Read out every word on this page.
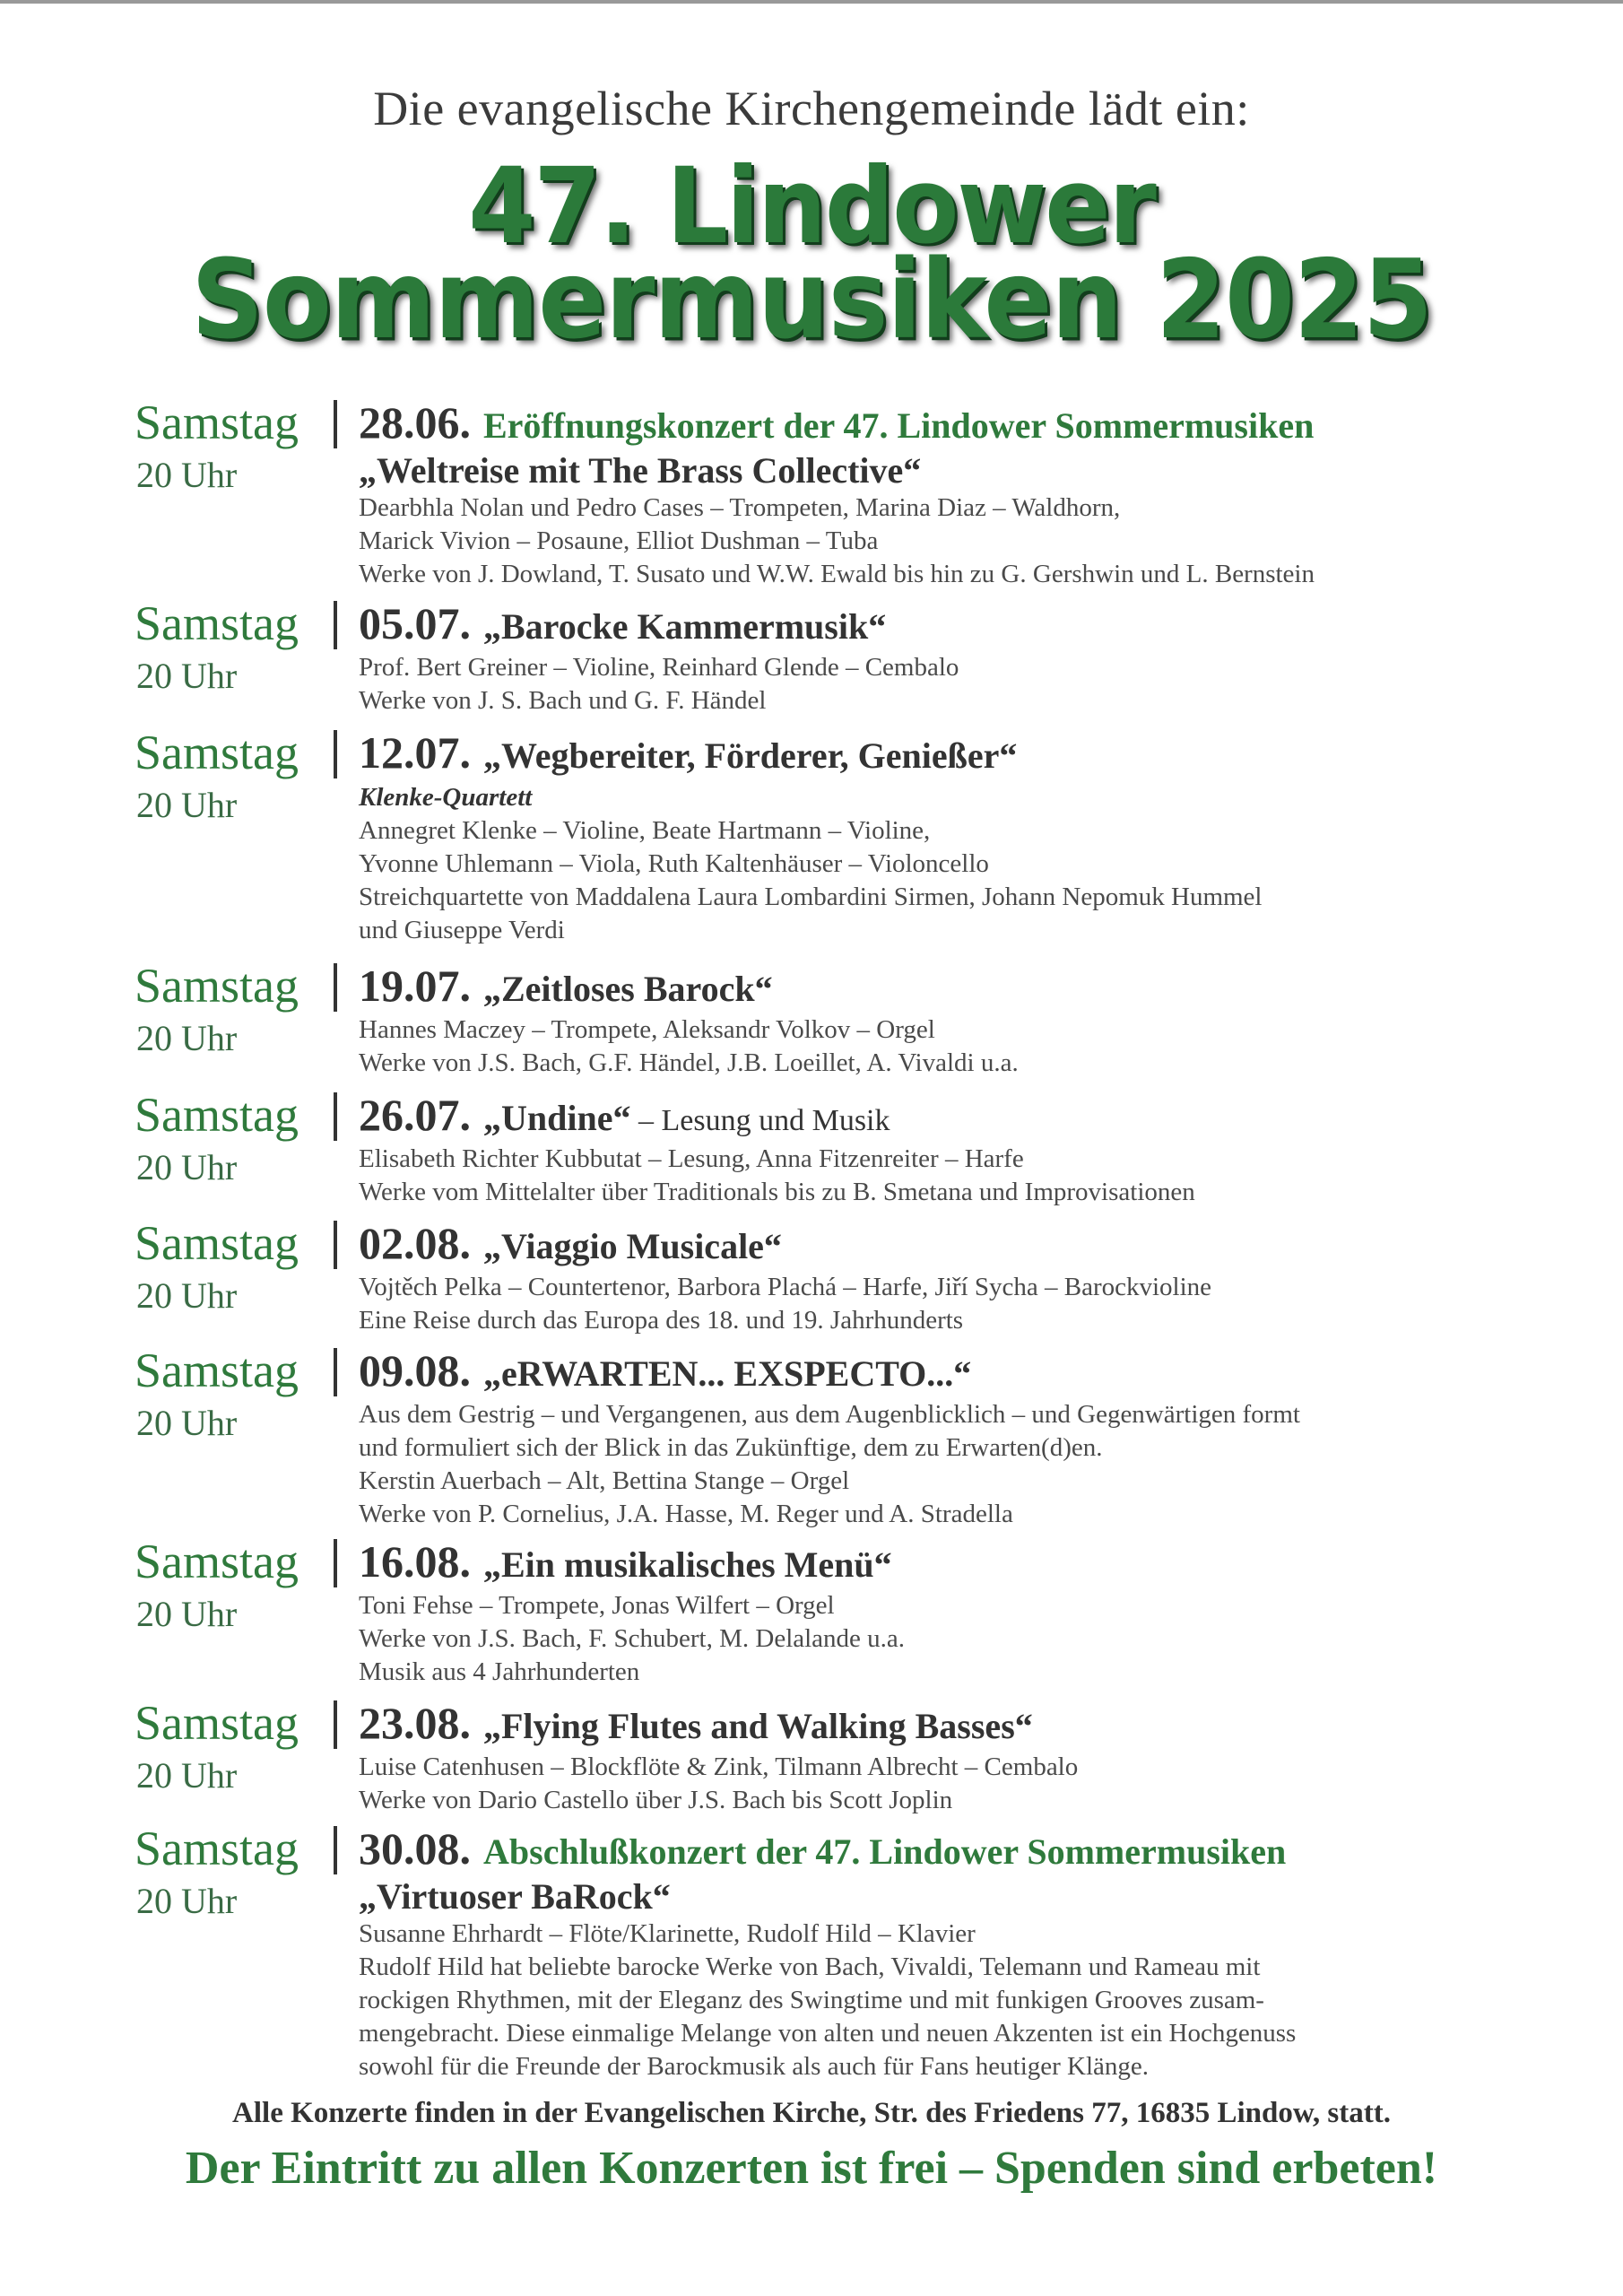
Die evangelische Kirchengemeinde lädt ein:
47. Lindower
Sommermusiken 2025
Samstag
20 Uhr
28.06. Eröffnungskonzert der 47. Lindower Sommermusiken
„Weltreise mit The Brass Collective“
Dearbhla Nolan und Pedro Cases – Trompeten, Marina Diaz – Waldhorn,
Marick Vivion – Posaune, Elliot Dushman – Tuba
Werke von J. Dowland, T. Susato und W.W. Ewald bis hin zu G. Gershwin und L. Bernstein
Samstag
20 Uhr
05.07. „Barocke Kammermusik“
Prof. Bert Greiner – Violine, Reinhard Glende – Cembalo
Werke von J. S. Bach und G. F. Händel
Samstag
20 Uhr
12.07. „Wegbereiter, Förderer, Genießer“
Klenke-Quartett
Annegret Klenke – Violine, Beate Hartmann – Violine,
Yvonne Uhlemann – Viola, Ruth Kaltenhäuser – Violoncello
Streichquartette von Maddalena Laura Lombardini Sirmen, Johann Nepomuk Hummel
und Giuseppe Verdi
Samstag
20 Uhr
19.07. „Zeitloses Barock“
Hannes Maczey – Trompete, Aleksandr Volkov – Orgel
Werke von J.S. Bach, G.F. Händel, J.B. Loeillet, A. Vivaldi u.a.
Samstag
20 Uhr
26.07. „Undine“ – Lesung und Musik
Elisabeth Richter Kubbutat – Lesung, Anna Fitzenreiter – Harfe
Werke vom Mittelalter über Traditionals bis zu B. Smetana und Improvisationen
Samstag
20 Uhr
02.08. „Viaggio Musicale“
Vojtěch Pelka – Countertenor, Barbora Plachá – Harfe, Jiří Sycha – Barockvioline
Eine Reise durch das Europa des 18. und 19. Jahrhunderts
Samstag
20 Uhr
09.08. „eRWARTEN... EXSPECTO...“
Aus dem Gestrig – und Vergangenen, aus dem Augenblicklich – und Gegenwärtigen formt
und formuliert sich der Blick in das Zukünftige, dem zu Erwarten(d)en.
Kerstin Auerbach – Alt, Bettina Stange – Orgel
Werke von P. Cornelius, J.A. Hasse, M. Reger und A. Stradella
Samstag
20 Uhr
16.08. „Ein musikalisches Menü“
Toni Fehse – Trompete, Jonas Wilfert – Orgel
Werke von J.S. Bach, F. Schubert, M. Delalande u.a.
Musik aus 4 Jahrhunderten
Samstag
20 Uhr
23.08. „Flying Flutes and Walking Basses“
Luise Catenhusen – Blockflöte & Zink, Tilmann Albrecht – Cembalo
Werke von Dario Castello über J.S. Bach bis Scott Joplin
Samstag
20 Uhr
30.08. Abschlußkonzert der 47. Lindower Sommermusiken
„Virtuoser BaRock“
Susanne Ehrhardt – Flöte/Klarinette, Rudolf Hild – Klavier
Rudolf Hild hat beliebte barocke Werke von Bach, Vivaldi, Telemann und Rameau mit
rockigen Rhythmen, mit der Eleganz des Swingtime und mit funkigen Grooves zusam-
mengebracht. Diese einmalige Melange von alten und neuen Akzenten ist ein Hochgenuss
sowohl für die Freunde der Barockmusik als auch für Fans heutiger Klänge.
Alle Konzerte finden in der Evangelischen Kirche, Str. des Friedens 77, 16835 Lindow, statt.
Der Eintritt zu allen Konzerten ist frei – Spenden sind erbeten!
